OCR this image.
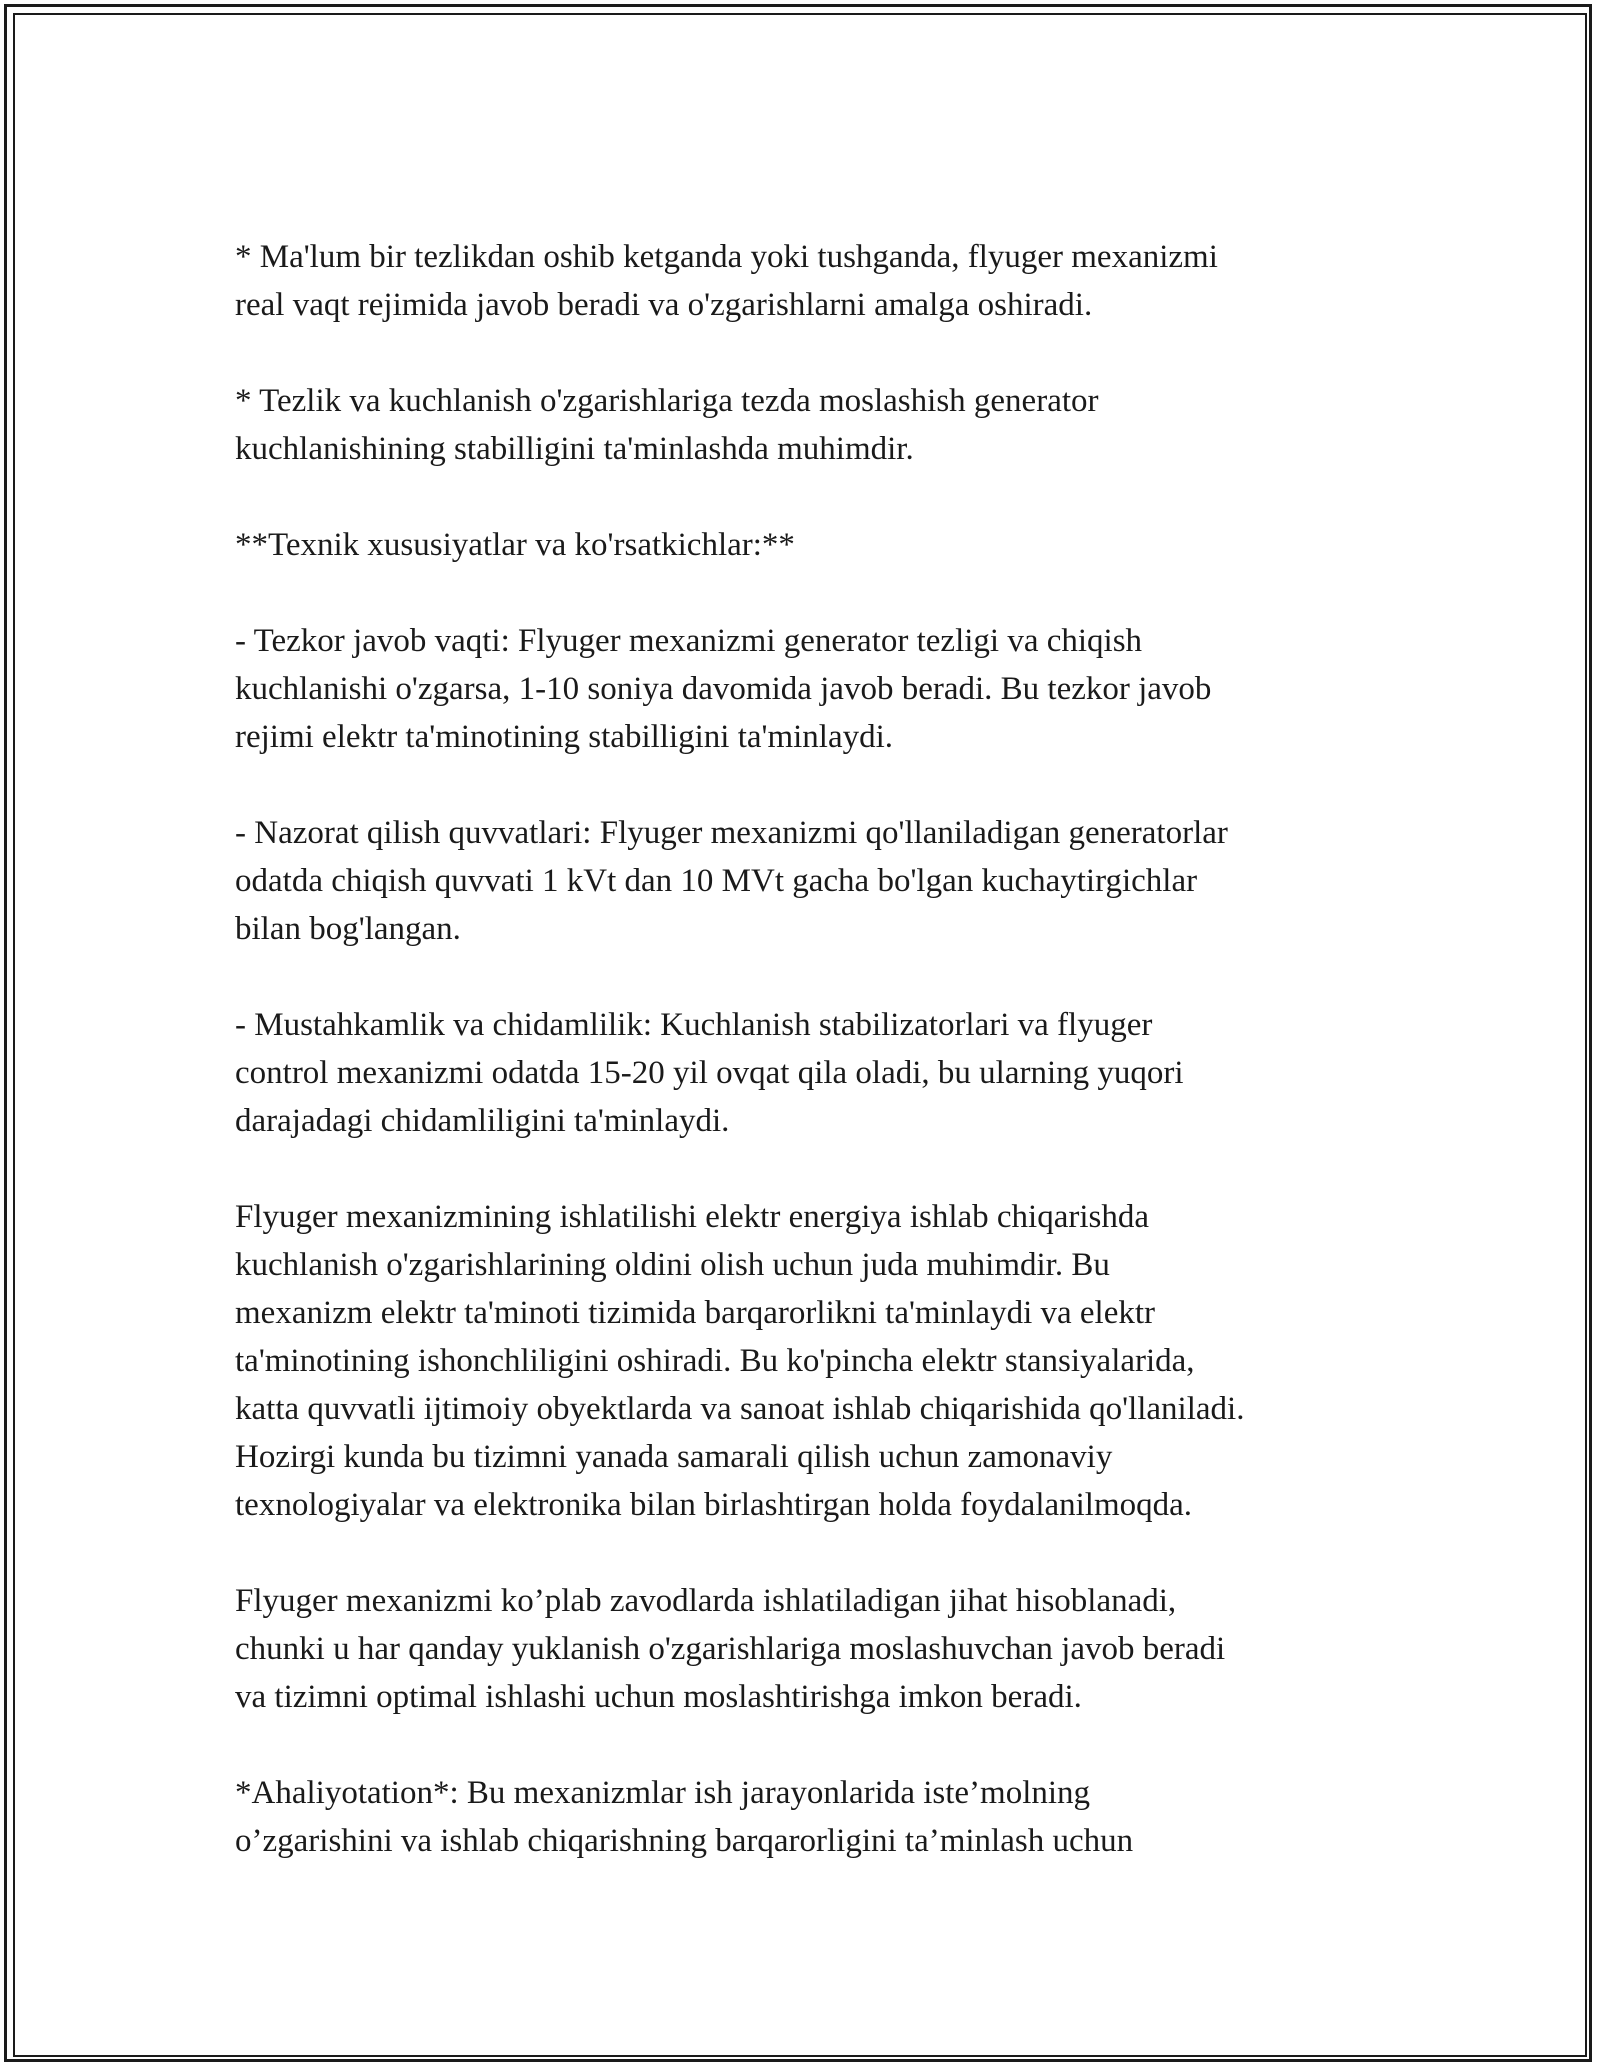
* Ma'lum bir tezlikdan oshib ketganda yoki tushganda, flyuger mexanizmi
real vaqt rejimida javob beradi va o'zgarishlarni amalga oshiradi.

* Tezlik va kuchlanish o'zgarishlariga tezda moslashish generator
kuchlanishining stabilligini ta'minlashda muhimdir.

**Texnik xususiyatlar va ko'rsatkichlar:**

- Tezkor javob vaqti: Flyuger mexanizmi generator tezligi va chiqish
kuchlanishi o'zgarsa, 1-10 soniya davomida javob beradi. Bu tezkor javob
rejimi elektr ta'minotining stabilligini ta'minlaydi.

- Nazorat qilish quvvatlari: Flyuger mexanizmi qo'llaniladigan generatorlar
odatda chiqish quvvati 1 kVt dan 10 MVt gacha bo'lgan kuchaytirgichlar
bilan bog'langan.

- Mustahkamlik va chidamlilik: Kuchlanish stabilizatorlari va flyuger
control mexanizmi odatda 15-20 yil ovqat qila oladi, bu ularning yuqori
darajadagi chidamliligini ta'minlaydi.

Flyuger mexanizmining ishlatilishi elektr energiya ishlab chiqarishda
kuchlanish o'zgarishlarining oldini olish uchun juda muhimdir. Bu
mexanizm elektr ta'minoti tizimida barqarorlikni ta'minlaydi va elektr
ta'minotining ishonchliligini oshiradi. Bu ko'pincha elektr stansiyalarida,
katta quvvatli ijtimoiy obyektlarda va sanoat ishlab chiqarishida qo'llaniladi.
Hozirgi kunda bu tizimni yanada samarali qilish uchun zamonaviy
texnologiyalar va elektronika bilan birlashtirgan holda foydalanilmoqda.

Flyuger mexanizmi ko’plab zavodlarda ishlatiladigan jihat hisoblanadi,
chunki u har qanday yuklanish o'zgarishlariga moslashuvchan javob beradi
va tizimni optimal ishlashi uchun moslashtirishga imkon beradi.

*Ahaliyotation*: Bu mexanizmlar ish jarayonlarida iste’molning
o’zgarishini va ishlab chiqarishning barqarorligini ta’minlash uchun
